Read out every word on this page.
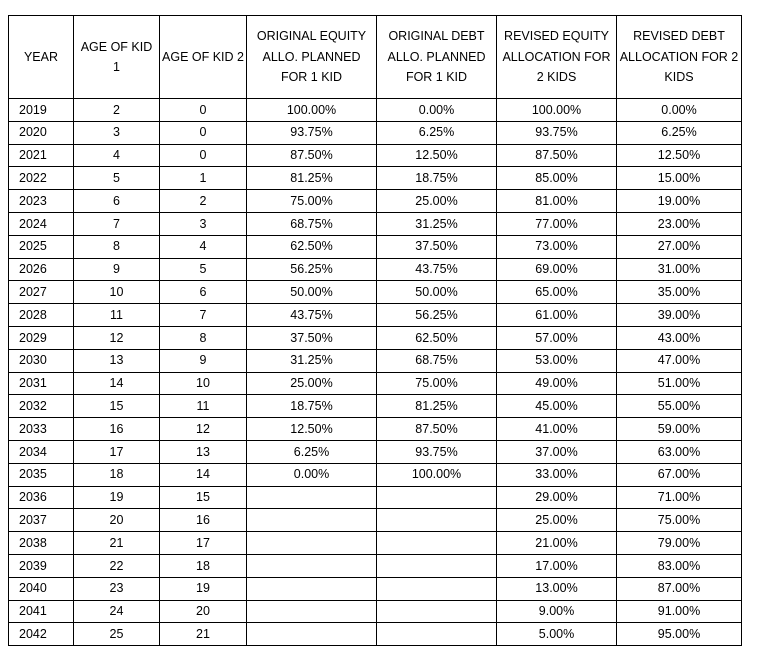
YEAR	AGE OF KID 1	AGE OF KID 2	ORIGINAL EQUITY ALLO. PLANNED FOR 1 KID	ORIGINAL DEBT ALLO. PLANNED FOR 1 KID	REVISED EQUITY ALLOCATION FOR 2 KIDS	REVISED DEBT ALLOCATION FOR 2 KIDS
2019	2	0	100.00%	0.00%	100.00%	0.00%
2020	3	0	93.75%	6.25%	93.75%	6.25%
2021	4	0	87.50%	12.50%	87.50%	12.50%
2022	5	1	81.25%	18.75%	85.00%	15.00%
2023	6	2	75.00%	25.00%	81.00%	19.00%
2024	7	3	68.75%	31.25%	77.00%	23.00%
2025	8	4	62.50%	37.50%	73.00%	27.00%
2026	9	5	56.25%	43.75%	69.00%	31.00%
2027	10	6	50.00%	50.00%	65.00%	35.00%
2028	11	7	43.75%	56.25%	61.00%	39.00%
2029	12	8	37.50%	62.50%	57.00%	43.00%
2030	13	9	31.25%	68.75%	53.00%	47.00%
2031	14	10	25.00%	75.00%	49.00%	51.00%
2032	15	11	18.75%	81.25%	45.00%	55.00%
2033	16	12	12.50%	87.50%	41.00%	59.00%
2034	17	13	6.25%	93.75%	37.00%	63.00%
2035	18	14	0.00%	100.00%	33.00%	67.00%
2036	19	15			29.00%	71.00%
2037	20	16			25.00%	75.00%
2038	21	17			21.00%	79.00%
2039	22	18			17.00%	83.00%
2040	23	19			13.00%	87.00%
2041	24	20			9.00%	91.00%
2042	25	21			5.00%	95.00%
